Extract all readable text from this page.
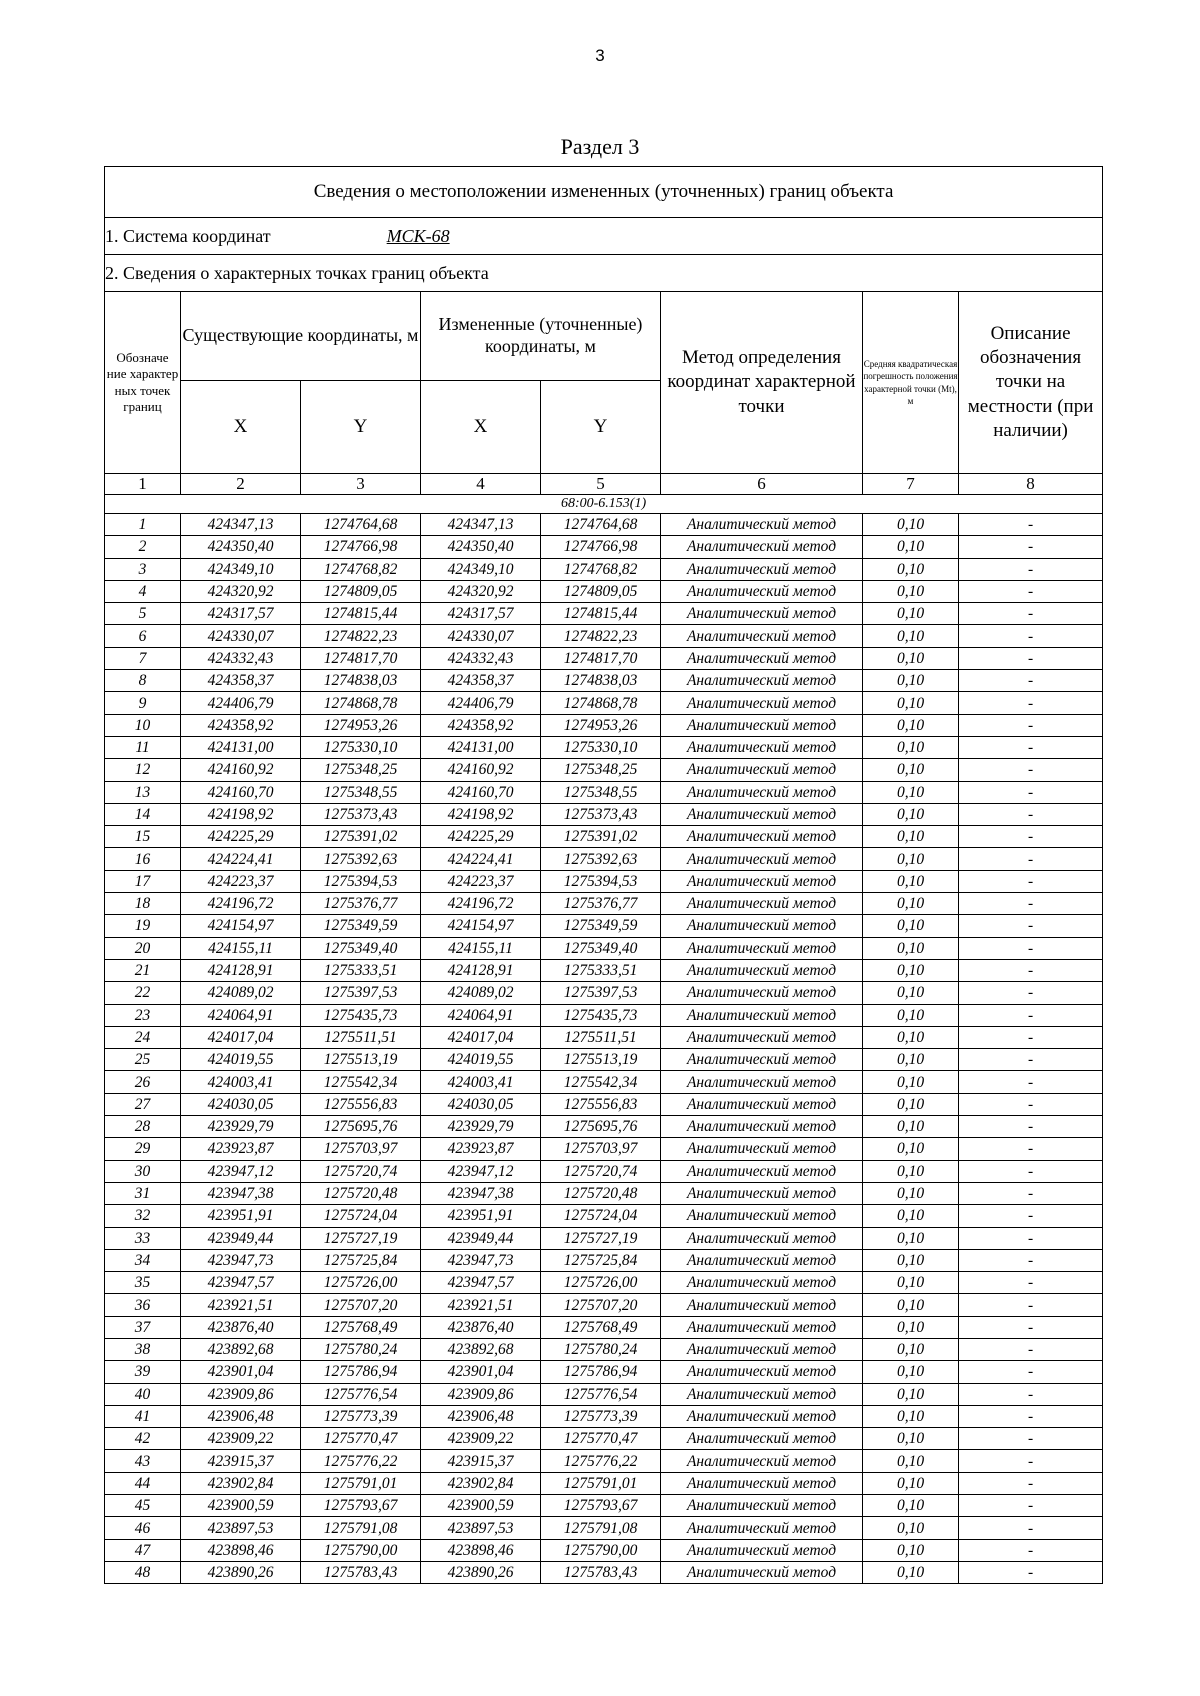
3
Раздел 3
Сведения о местоположении измененных (уточненных) границ объекта							
1. Система координат МСК-68							
2. Сведения о характерных точках границ объекта							
Обозначе ние характер ных точек границ	Существующие координаты, м		Измененные (уточненные) координаты, м		Метод определения координат характерной точки	Средняя квадратическая погрешность положения характерной точки (Mt), м	Описание обозначения точки на местности (при наличии)
	X	Y	X	Y			
1	2	3	4	5	6	7	8
68:00-6.153(1)							
1	424347,13	1274764,68	424347,13	1274764,68	Аналитический метод	0,10	-
2	424350,40	1274766,98	424350,40	1274766,98	Аналитический метод	0,10	-
3	424349,10	1274768,82	424349,10	1274768,82	Аналитический метод	0,10	-
4	424320,92	1274809,05	424320,92	1274809,05	Аналитический метод	0,10	-
5	424317,57	1274815,44	424317,57	1274815,44	Аналитический метод	0,10	-
6	424330,07	1274822,23	424330,07	1274822,23	Аналитический метод	0,10	-
7	424332,43	1274817,70	424332,43	1274817,70	Аналитический метод	0,10	-
8	424358,37	1274838,03	424358,37	1274838,03	Аналитический метод	0,10	-
9	424406,79	1274868,78	424406,79	1274868,78	Аналитический метод	0,10	-
10	424358,92	1274953,26	424358,92	1274953,26	Аналитический метод	0,10	-
11	424131,00	1275330,10	424131,00	1275330,10	Аналитический метод	0,10	-
12	424160,92	1275348,25	424160,92	1275348,25	Аналитический метод	0,10	-
13	424160,70	1275348,55	424160,70	1275348,55	Аналитический метод	0,10	-
14	424198,92	1275373,43	424198,92	1275373,43	Аналитический метод	0,10	-
15	424225,29	1275391,02	424225,29	1275391,02	Аналитический метод	0,10	-
16	424224,41	1275392,63	424224,41	1275392,63	Аналитический метод	0,10	-
17	424223,37	1275394,53	424223,37	1275394,53	Аналитический метод	0,10	-
18	424196,72	1275376,77	424196,72	1275376,77	Аналитический метод	0,10	-
19	424154,97	1275349,59	424154,97	1275349,59	Аналитический метод	0,10	-
20	424155,11	1275349,40	424155,11	1275349,40	Аналитический метод	0,10	-
21	424128,91	1275333,51	424128,91	1275333,51	Аналитический метод	0,10	-
22	424089,02	1275397,53	424089,02	1275397,53	Аналитический метод	0,10	-
23	424064,91	1275435,73	424064,91	1275435,73	Аналитический метод	0,10	-
24	424017,04	1275511,51	424017,04	1275511,51	Аналитический метод	0,10	-
25	424019,55	1275513,19	424019,55	1275513,19	Аналитический метод	0,10	-
26	424003,41	1275542,34	424003,41	1275542,34	Аналитический метод	0,10	-
27	424030,05	1275556,83	424030,05	1275556,83	Аналитический метод	0,10	-
28	423929,79	1275695,76	423929,79	1275695,76	Аналитический метод	0,10	-
29	423923,87	1275703,97	423923,87	1275703,97	Аналитический метод	0,10	-
30	423947,12	1275720,74	423947,12	1275720,74	Аналитический метод	0,10	-
31	423947,38	1275720,48	423947,38	1275720,48	Аналитический метод	0,10	-
32	423951,91	1275724,04	423951,91	1275724,04	Аналитический метод	0,10	-
33	423949,44	1275727,19	423949,44	1275727,19	Аналитический метод	0,10	-
34	423947,73	1275725,84	423947,73	1275725,84	Аналитический метод	0,10	-
35	423947,57	1275726,00	423947,57	1275726,00	Аналитический метод	0,10	-
36	423921,51	1275707,20	423921,51	1275707,20	Аналитический метод	0,10	-
37	423876,40	1275768,49	423876,40	1275768,49	Аналитический метод	0,10	-
38	423892,68	1275780,24	423892,68	1275780,24	Аналитический метод	0,10	-
39	423901,04	1275786,94	423901,04	1275786,94	Аналитический метод	0,10	-
40	423909,86	1275776,54	423909,86	1275776,54	Аналитический метод	0,10	-
41	423906,48	1275773,39	423906,48	1275773,39	Аналитический метод	0,10	-
42	423909,22	1275770,47	423909,22	1275770,47	Аналитический метод	0,10	-
43	423915,37	1275776,22	423915,37	1275776,22	Аналитический метод	0,10	-
44	423902,84	1275791,01	423902,84	1275791,01	Аналитический метод	0,10	-
45	423900,59	1275793,67	423900,59	1275793,67	Аналитический метод	0,10	-
46	423897,53	1275791,08	423897,53	1275791,08	Аналитический метод	0,10	-
47	423898,46	1275790,00	423898,46	1275790,00	Аналитический метод	0,10	-
48	423890,26	1275783,43	423890,26	1275783,43	Аналитический метод	0,10	-
